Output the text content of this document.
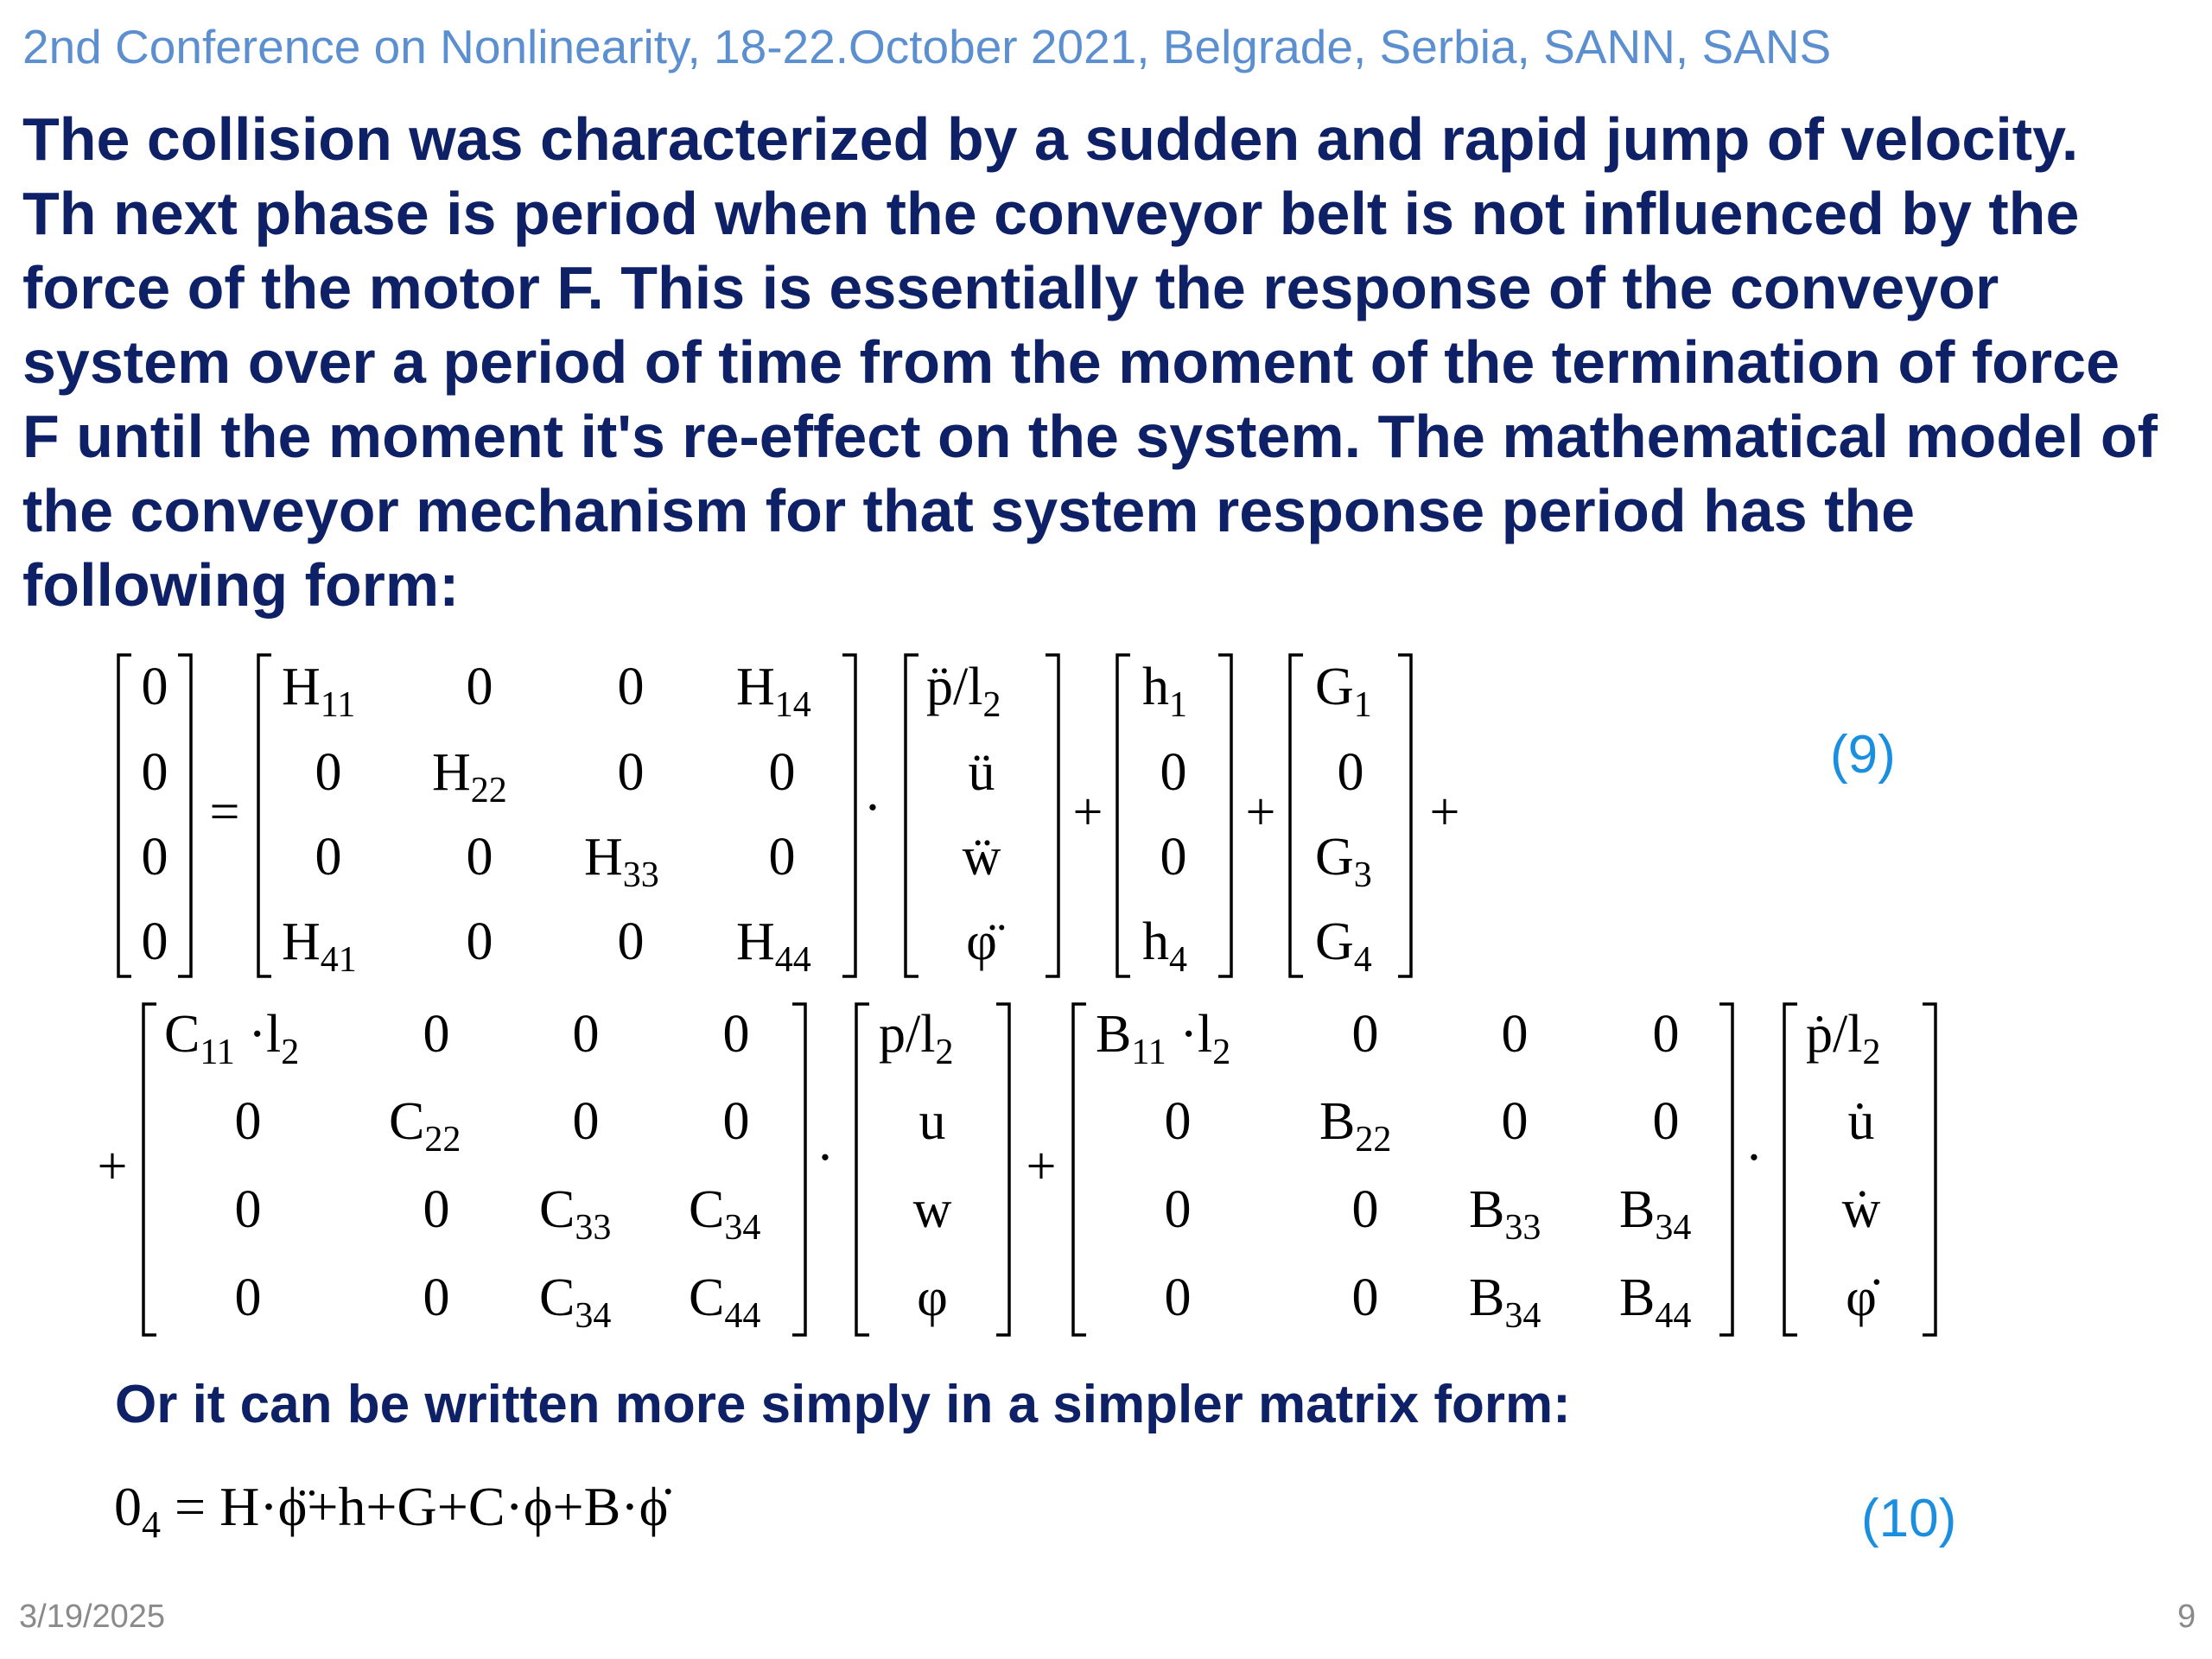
2nd Conference on Nonlinearity, 18-22.October 2021, Belgrade, Serbia, SANN, SANS
The collision was characterized by a sudden and rapid jump of velocity.
Th next phase is period when the conveyor belt is not influenced by the
force of the motor F. This is essentially the response of the conveyor
system over a period of time from the moment of the termination of force
F until the moment it's re-effect on the system. The mathematical model of
the conveyor mechanism for that system response period has the
following form:
0
0
0
0
=
$H_{11}$ 0 0 $H_{14}$
0 $H_{22}$ 0 0
0 0 $H_{33}$ 0
$H_{41}$ 0 0 $H_{44}$
·
$p̈/l_2$
ü
ẅ
φ̈
+
$h_1$
0
0
$h_4$
+
$G_1$
0
$G_3$
$G_4$
+
+
$C_{11} \cdot l_2$ 0 0 0
0 $C_{22}$ 0 0
0	0 $C_{33}$ $C_{34}$
0	0 $C_{34}$ $C_{44}$
·
$p/l_2$
u
w
φ
+
$B_{11} \cdot l_2$ 0 0 0
0 $B_{22}$ 0 0
0	0 $B_{33}$ $B_{34}$
0	0 $B_{34}$ $B_{44}$
·
$ṗ/l_2$
u̇
ẇ
φ̇
(9)
Or it can be written more simply in a simpler matrix form:
$0_4$ = H·ϕ̈+h+G+C·ϕ+B·ϕ̇	(10)
3/19/2025	9
